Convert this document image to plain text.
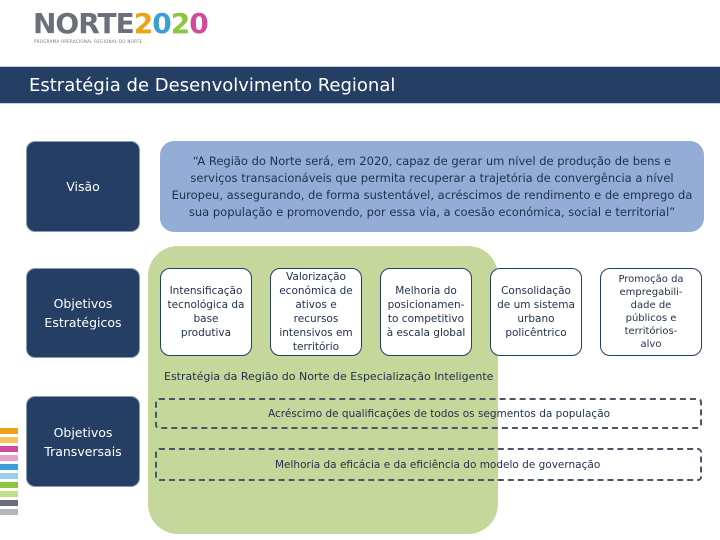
NORTE2020
PROGRAMA OPERACIONAL REGIONAL DO NORTE
Estratégia de Desenvolvimento Regional
Visão
Objetivos
Estratégicos
Objetivos
Transversais
“A Região do Norte será, em 2020, capaz de gerar um nível de produção de bens e serviços transacionáveis que permita recuperar a trajetória de convergência a nível Europeu, assegurando, de forma sustentável, acréscimos de rendimento e de emprego da sua população e promovendo, por essa via, a coesão económica, social e territorial”
Estratégia da Região do Norte de Especialização Inteligente
Intensificação
tecnológica da
base
produtiva
Valorização
económica de
ativos e
recursos
intensivos em
território
Melhoria do
posicionamen-
to competitivo
à escala global
Consolidação
de um sistema
urbano
policêntrico
Promoção da
empregabili-
dade de
públicos e
territórios-
alvo
Acréscimo de qualificações de todos os segmentos da população
Melhoria da eficácia e da eficiência do modelo de governação
